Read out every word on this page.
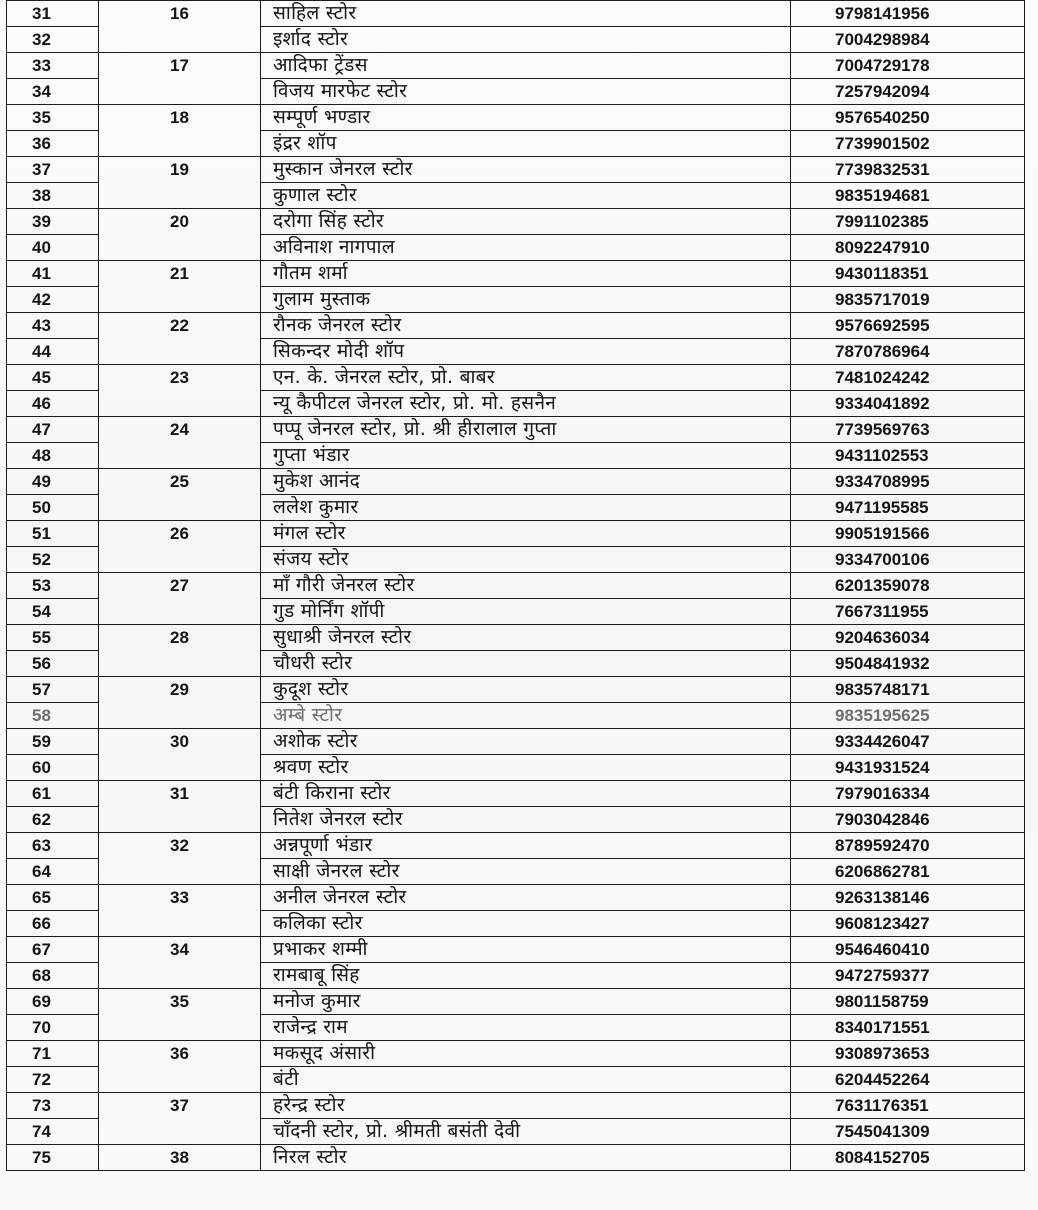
31	16	साहिल स्टोर	9798141956
32		इर्शाद स्टोर	7004298984
33	17	आदिफा ट्रेंडस	7004729178
34		विजय मारफेट स्टोर	7257942094
35	18	सम्पूर्ण भण्डार	9576540250
36		इंद्रर शॉप	7739901502
37	19	मुस्कान जेनरल स्टोर	7739832531
38		कुणाल स्टोर	9835194681
39	20	दरोगा सिंह स्टोर	7991102385
40		अविनाश नागपाल	8092247910
41	21	गौतम शर्मा	9430118351
42		गुलाम मुस्ताक	9835717019
43	22	रौनक जेनरल स्टोर	9576692595
44		सिकन्दर मोदी शॉप	7870786964
45	23	एन. के. जेनरल स्टोर, प्रो. बाबर	7481024242
46		न्यू कैपीटल जेनरल स्टोर, प्रो. मो. हसनैन	9334041892
47	24	पप्पू जेनरल स्टोर, प्रो. श्री हीरालाल गुप्ता	7739569763
48		गुप्ता भंडार	9431102553
49	25	मुकेश आनंद	9334708995
50		ललेश कुमार	9471195585
51	26	मंगल स्टोर	9905191566
52		संजय स्टोर	9334700106
53	27	माँ गौरी जेनरल स्टोर	6201359078
54		गुड मोर्निंग शॉपी	7667311955
55	28	सुधाश्री जेनरल स्टोर	9204636034
56		चौधरी स्टोर	9504841932
57	29	कुदूश स्टोर	9835748171
58		अम्बे स्टोर	9835195625
59	30	अशोक स्टोर	9334426047
60		श्रवण स्टोर	9431931524
61	31	बंटी किराना स्टोर	7979016334
62		नितेश जेनरल स्टोर	7903042846
63	32	अन्नपूर्णा भंडार	8789592470
64		साक्षी जेनरल स्टोर	6206862781
65	33	अनील जेनरल स्टोर	9263138146
66		कलिका स्टोर	9608123427
67	34	प्रभाकर शम्मी	9546460410
68		रामबाबू सिंह	9472759377
69	35	मनोज कुमार	9801158759
70		राजेन्द्र राम	8340171551
71	36	मकसूद अंसारी	9308973653
72		बंटी	6204452264
73	37	हरेन्द्र स्टोर	7631176351
74		चाँदनी स्टोर, प्रो. श्रीमती बसंती देवी	7545041309
75	38	निरल स्टोर	8084152705
